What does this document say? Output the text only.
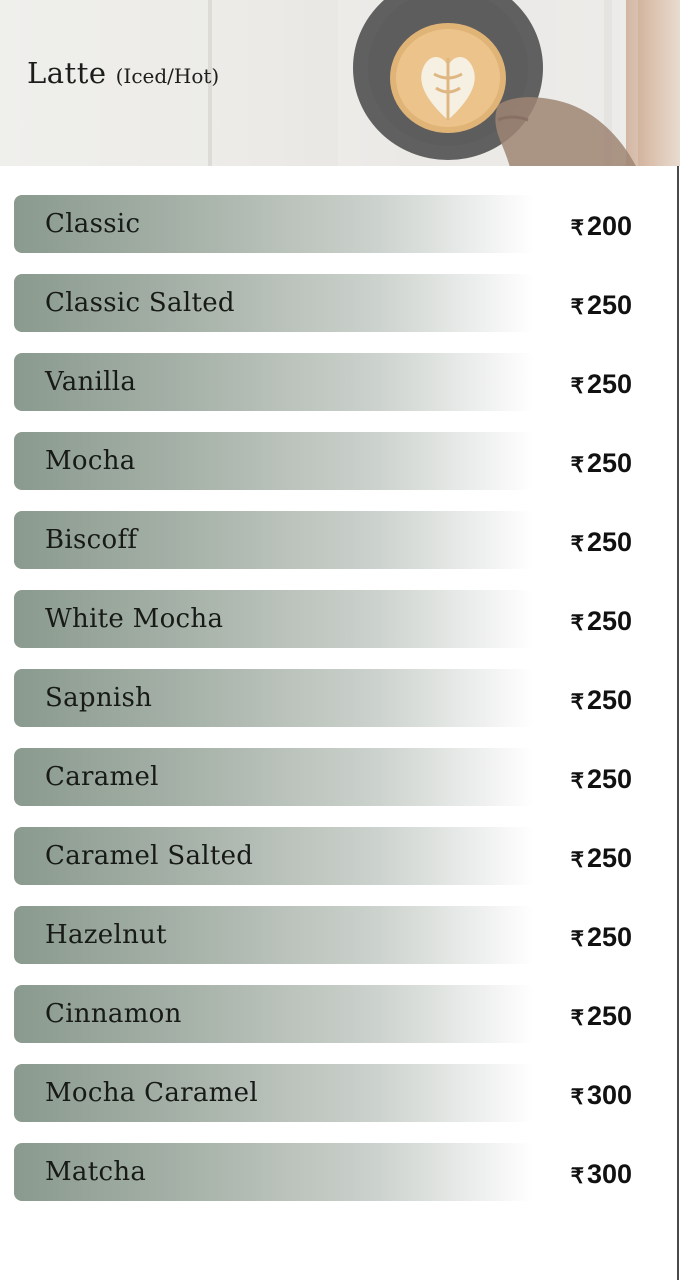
Latte (Iced/Hot)
Classic	₹ 200
Classic Salted	₹ 250
Vanilla	₹ 250
Mocha	₹ 250
Biscoff	₹ 250
White Mocha	₹ 250
Sapnish	₹ 250
Caramel	₹ 250
Caramel Salted	₹ 250
Hazelnut	₹ 250
Cinnamon	₹ 250
Mocha Caramel	₹ 300
Matcha	₹ 300
